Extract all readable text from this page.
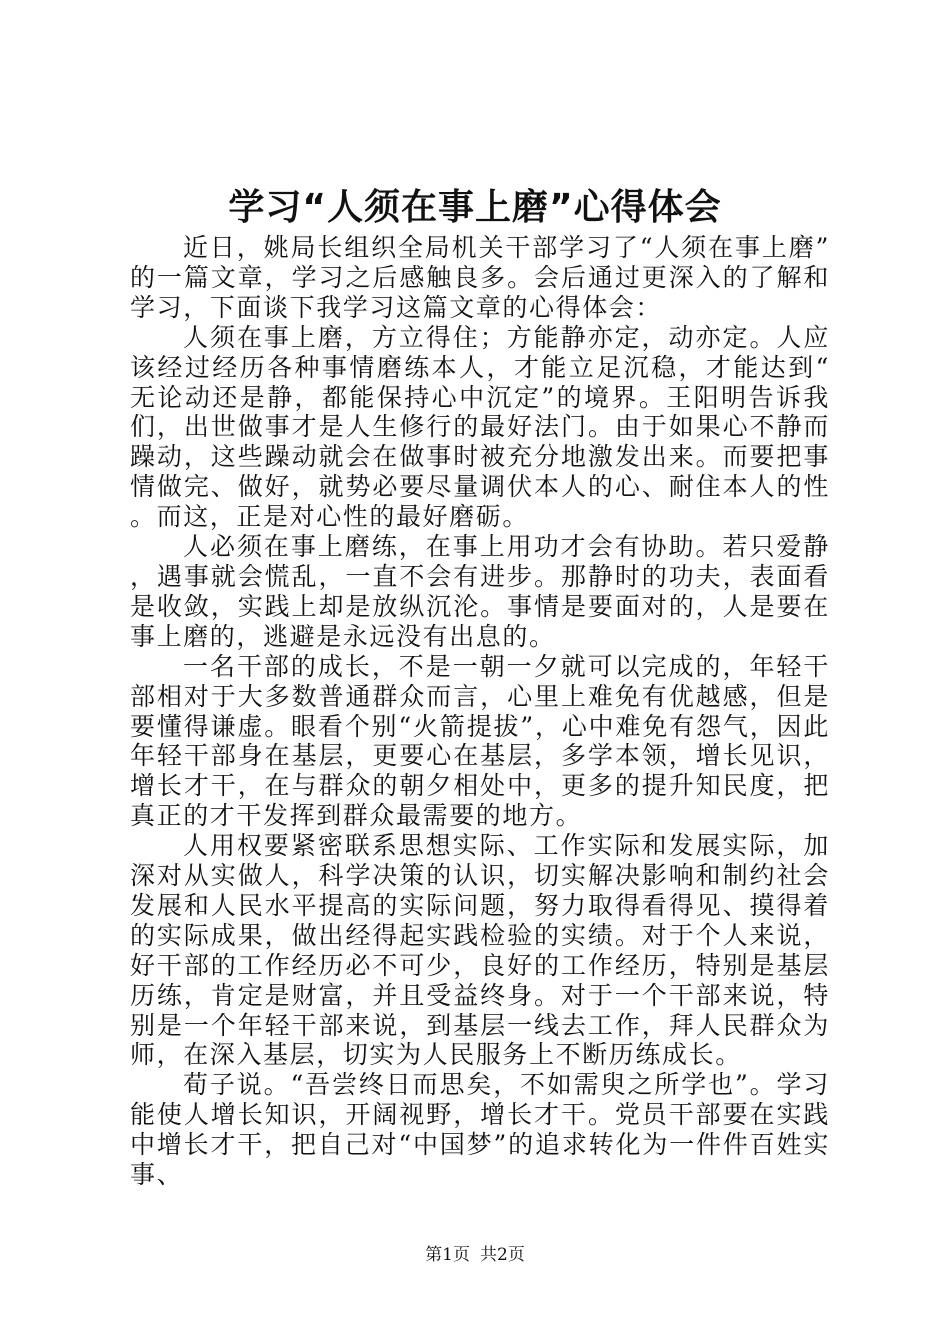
学习“人须在事上磨”心得体会

近日，姚局长组织全局机关干部学习了“人须在事上磨”的一篇文章，学习之后感触良多。会后通过更深入的了解和学习，下面谈下我学习这篇文章的心得体会：

人须在事上磨，方立得住；方能静亦定，动亦定。人应该经过经历各种事情磨练本人，才能立足沉稳，才能达到“无论动还是静，都能保持心中沉定”的境界。王阳明告诉我们，出世做事才是人生修行的最好法门。由于如果心不静而躁动，这些躁动就会在做事时被充分地激发出来。而要把事情做完、做好，就势必要尽量调伏本人的心、耐住本人的性。而这，正是对心性的最好磨砺。

人必须在事上磨练，在事上用功才会有协助。若只爱静，遇事就会慌乱，一直不会有进步。那静时的功夫，表面看是收敛，实践上却是放纵沉沦。事情是要面对的，人是要在事上磨的，逃避是永远没有出息的。

一名干部的成长，不是一朝一夕就可以完成的，年轻干部相对于大多数普通群众而言，心里上难免有优越感，但是要懂得谦虚。眼看个别“火箭提拔”，心中难免有怨气，因此年轻干部身在基层，更要心在基层，多学本领，增长见识，增长才干，在与群众的朝夕相处中，更多的提升知民度，把真正的才干发挥到群众最需要的地方。

人用权要紧密联系思想实际、工作实际和发展实际，加深对从实做人，科学决策的认识，切实解决影响和制约社会发展和人民水平提高的实际问题，努力取得看得见、摸得着的实际成果，做出经得起实践检验的实绩。对于个人来说，好干部的工作经历必不可少，良好的工作经历，特别是基层历练，肯定是财富，并且受益终身。对于一个干部来说，特别是一个年轻干部来说，到基层一线去工作，拜人民群众为师，在深入基层，切实为人民服务上不断历练成长。

荀子说。“吾尝终日而思矣，不如需臾之所学也”。学习能使人增长知识，开阔视野，增长才干。党员干部要在实践中增长才干，把自己对“中国梦”的追求转化为一件件百姓实事、

第1页 共2页
